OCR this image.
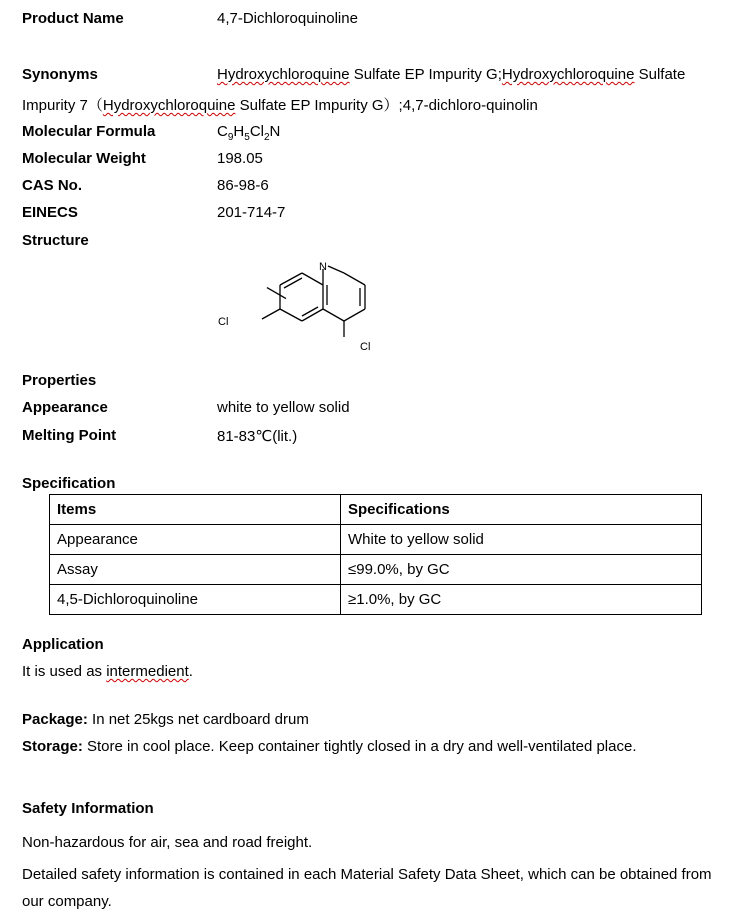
Product Name	4,7-Dichloroquinoline
Synonyms	Hydroxychloroquine Sulfate EP Impurity G;Hydroxychloroquine Sulfate
Impurity 7（Hydroxychloroquine Sulfate EP Impurity G）;4,7-dichloro-quinolin
Molecular Formula	$C_9H_5Cl_2N$
Molecular Weight	198.05
CAS No.	86-98-6
EINECS	201-714-7
Structure
N
Cl
Cl
Properties
Appearance	white to yellow solid
Melting Point	81-83℃(lit.)
Specification
Items	Specifications
Appearance	White to yellow solid
Assay	≤99.0%, by GC
4,5-Dichloroquinoline	≥1.0%, by GC
Application
It is used as intermedient.
Package: In net 25kgs net cardboard drum
Storage: Store in cool place. Keep container tightly closed in a dry and well-ventilated place.
Safety Information
Non-hazardous for air, sea and road freight.
Detailed safety information is contained in each Material Safety Data Sheet, which can be obtained from our company.
